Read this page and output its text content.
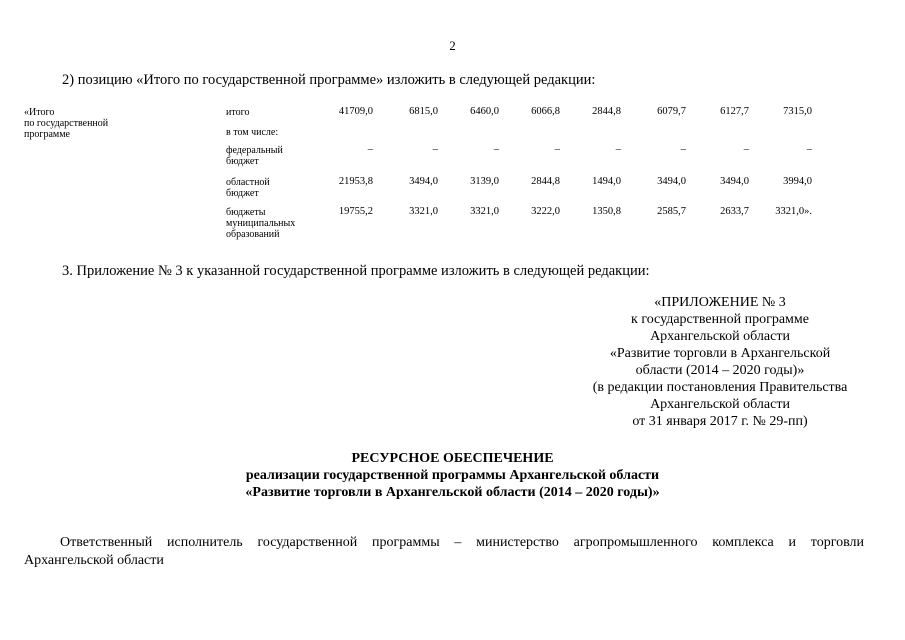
2
2) позицию «Итого по государственной программе» изложить в следующей редакции:
«Итого
по государственной
программе
итого	41709,0	6815,0	6460,0	6066,8	2844,8	6079,7	6127,7	7315,0
в том числе:
федеральный
бюджет
–	–	–	–	–	–	–	–
областной
бюджет
21953,8	3494,0	3139,0	2844,8	1494,0	3494,0	3494,0	3994,0
бюджеты
муниципальных
образований
19755,2	3321,0	3321,0	3222,0	1350,8	2585,7	2633,7	3321,0».
3. Приложение № 3 к указанной государственной программе изложить в следующей редакции:
«ПРИЛОЖЕНИЕ № 3
к государственной программе
Архангельской области
«Развитие торговли в Архангельской
области (2014 – 2020 годы)»
(в редакции постановления Правительства
Архангельской области
от 31 января 2017 г. № 29-пп)
РЕСУРСНОЕ ОБЕСПЕЧЕНИЕ
реализации государственной программы Архангельской области
«Развитие торговли в Архангельской области (2014 – 2020 годы)»
Ответственный исполнитель государственной программы – министерство агропромышленного комплекса и торговли
Архангельской области
